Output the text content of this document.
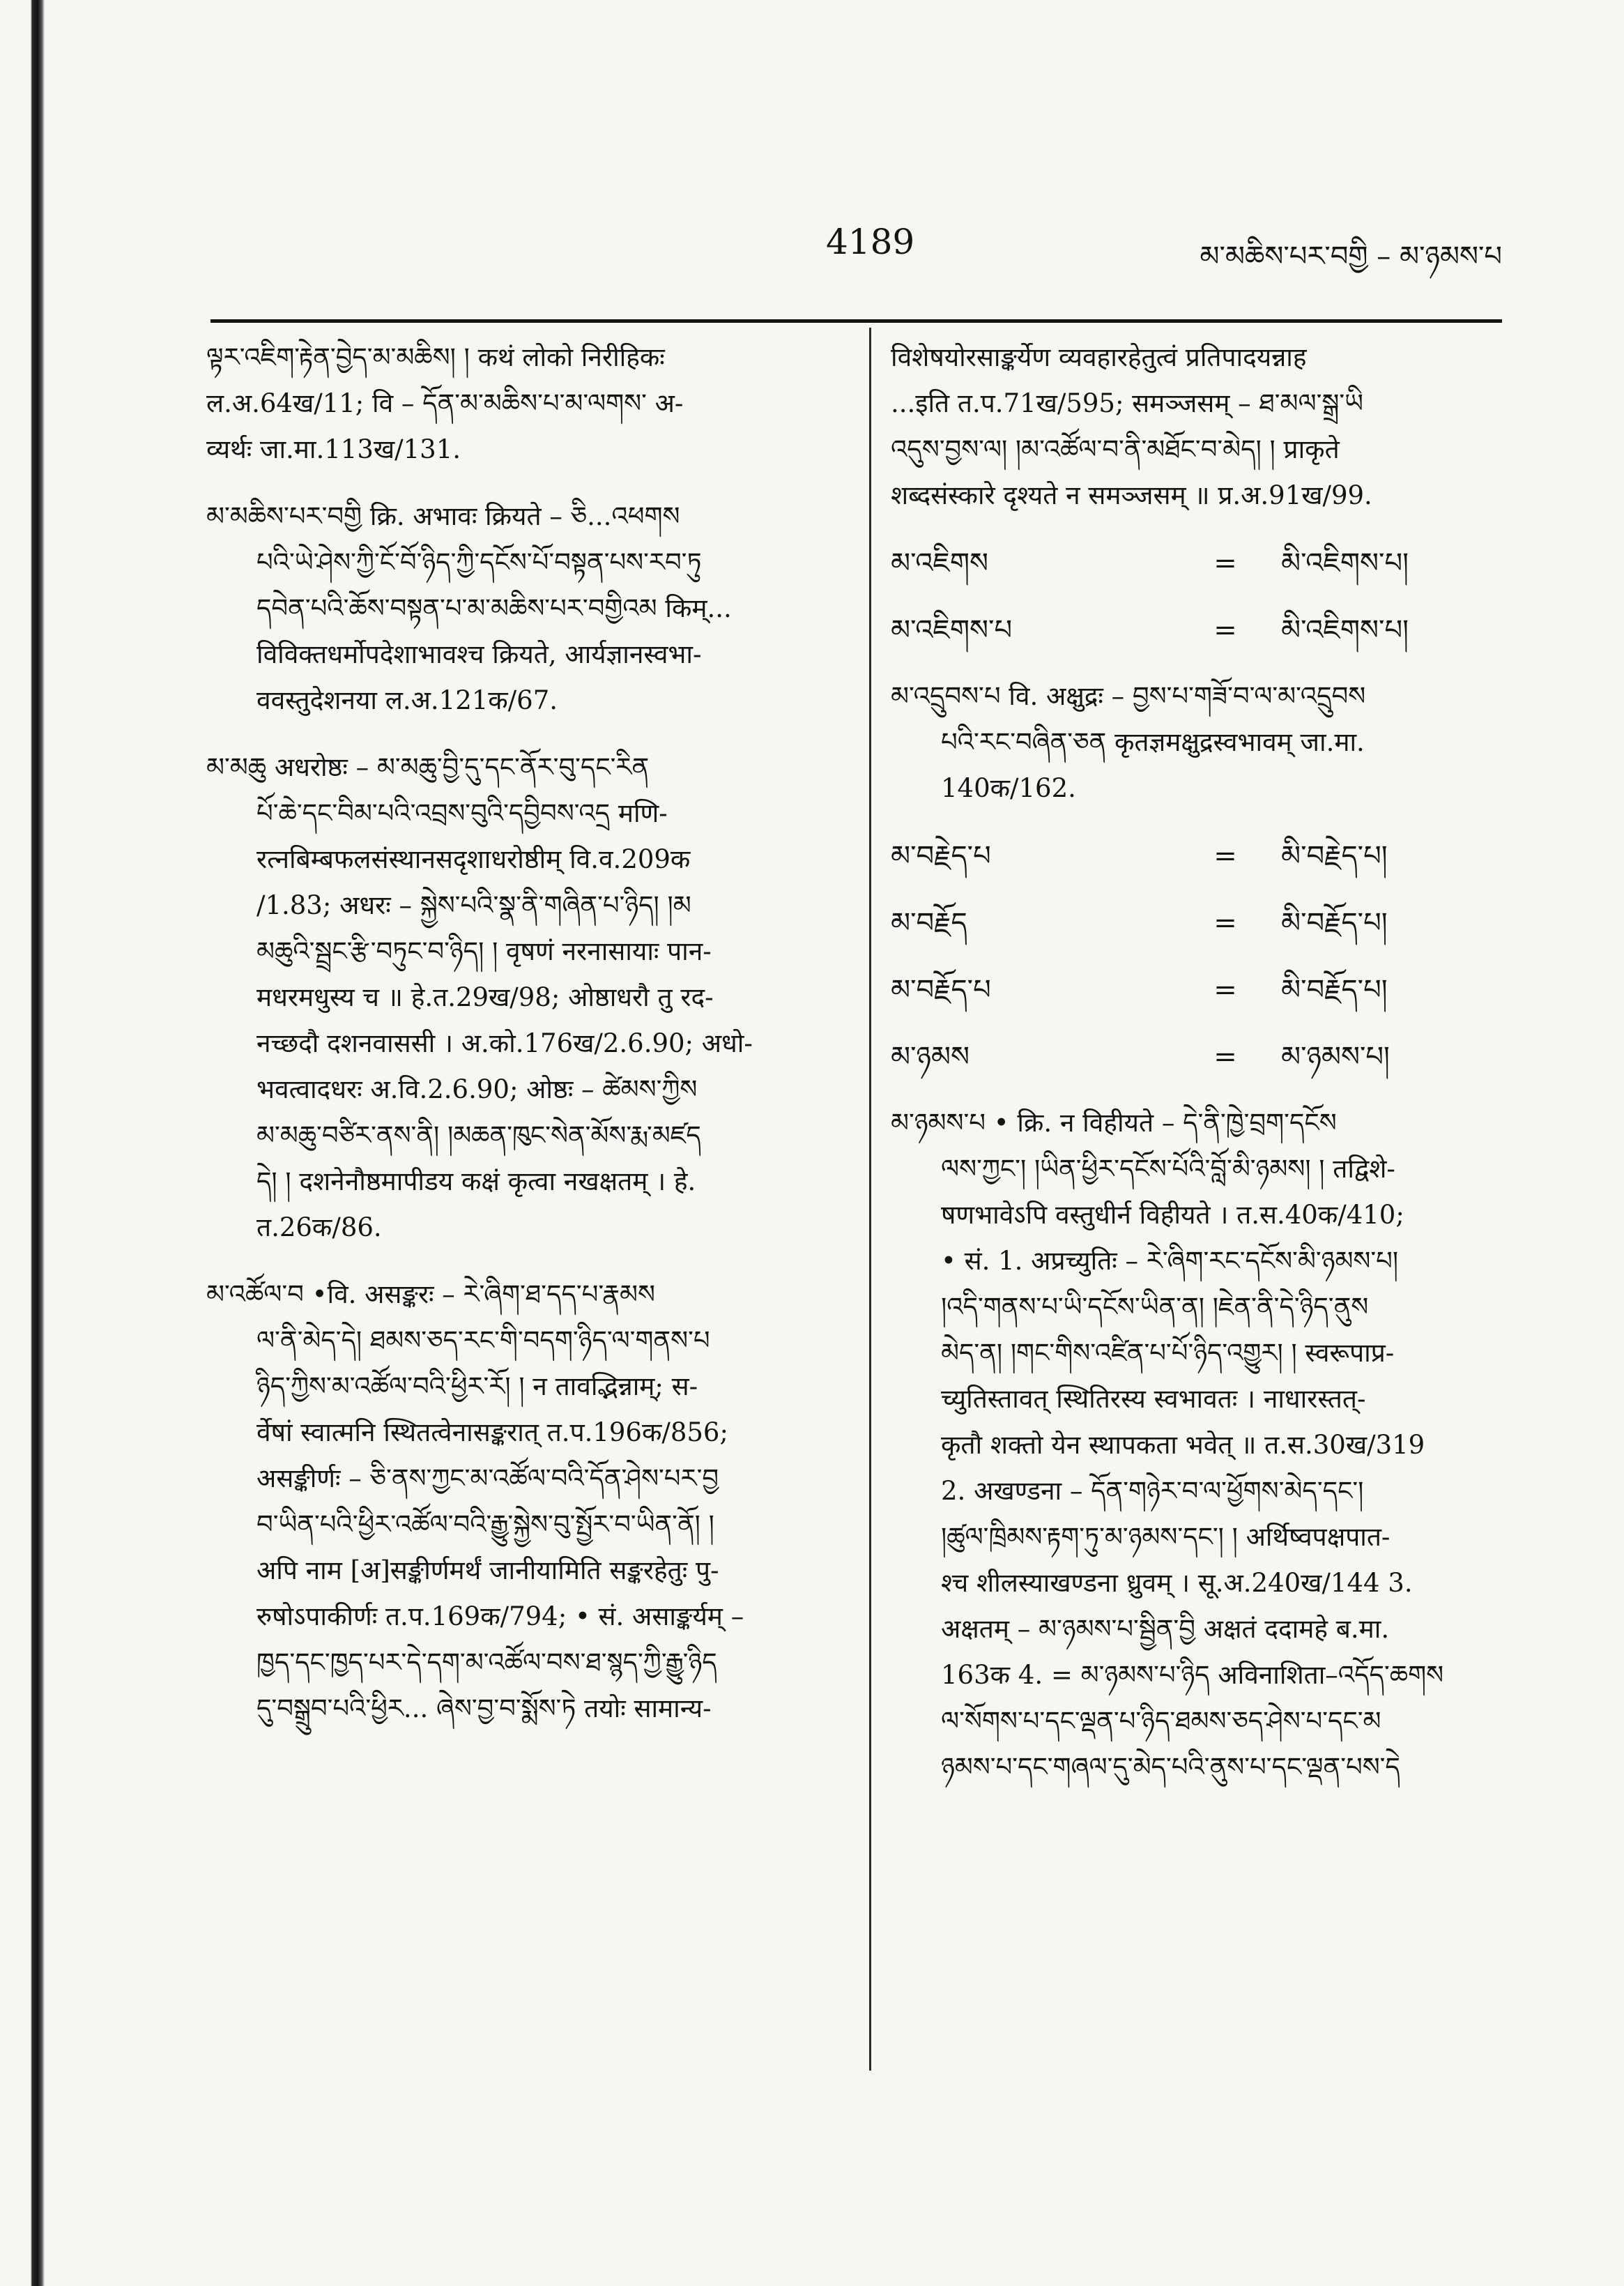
4189	མ་མཆིས་པར་བགྱི – མ་ཉམས་པ

ལྟར་འཇིག་རྟེན་བྱེད་མ་མཆིས། ། कथं लोको निरीहिकः

ल.अ.64ख/11; वि – དོན་མ་མཆིས་པ་མ་ལགས་ अ-

व्यर्थः जा.मा.113ख/131.

མ་མཆིས་པར་བགྱི क्रि. अभावः क्रियते – ཅི...འཕགས

པའི་ཡེ་ཤེས་ཀྱི་ངོ་བོ་ཉིད་ཀྱི་དངོས་པོ་བསྟན་པས་རབ་ཏུ

དབེན་པའི་ཆོས་བསྟན་པ་མ་མཆིས་པར་བགྱིའམ किम्...

विविक्तधर्मोपदेशाभावश्च क्रियते, आर्यज्ञानस्वभा-

ववस्तुदेशनया ल.अ.121क/67.

མ་མཆུ अधरोष्ठः – མ་མཆུ་བྱི་དུ་དང་ནོར་བུ་དང་རིན

པོ་ཆེ་དང་བིམ་པའི་འབྲས་བུའི་དབྱིབས་འདྲ मणि-

रत्नबिम्बफलसंस्थानसदृशाधरोष्ठीम् वि.व.209क

/1.83; अधरः – སྐྱེས་པའི་སྣ་ནི་གཞིན་པ་ཉིད། །མ

མཆུའི་སྦྲང་རྩི་བཏུང་བ་ཉིད། ། वृषणं नरनासायाः पान-

मधरमधुस्य च ॥ हे.त.29ख/98; ओष्ठाधरौ तु रद-

नच्छदौ दशनवाससी । अ.को.176ख/2.6.90; अधो-

भवत्वादधरः अ.वि.2.6.90; ओष्ठः – ཚེམས་ཀྱིས

མ་མཆུ་བཙིར་ནས་ནི། །མཆན་ཁུང་སེན་མོས་རྨ་མཛད

དེ། ། दशनेनौष्ठमापीडय कक्षं कृत्वा नखक्षतम् । हे.

त.26क/86.

མ་འཚོལ་བ •वि. असङ्करः – རེ་ཞིག་ཐ་དད་པ་རྣམས

ལ་ནི་མེད་དེ། ཐམས་ཅད་རང་གི་བདག་ཉིད་ལ་གནས་པ

ཉིད་ཀྱིས་མ་འཚོལ་བའི་ཕྱིར་རོ། ། न तावद्भिन्नाम्; स-

र्वेषां स्वात्मनि स्थितत्वेनासङ्करात् त.प.196क/856;

असङ्कीर्णः – ཅི་ནས་ཀྱང་མ་འཚོལ་བའི་དོན་ཤེས་པར་བྱ

བ་ཡིན་པའི་ཕྱིར་འཚོལ་བའི་རྒྱུ་སྐྱེས་བུ་སྤྱོར་བ་ཡིན་ནོ། །

अपि नाम [अ]सङ्कीर्णमर्थं जानीयामिति सङ्करहेतुः पु-

रुषोऽपाकीर्णः त.प.169क/794; • सं. असाङ्कर्यम् –

ཁྱད་དང་ཁྱད་པར་དེ་དག་མ་འཚོལ་བས་ཐ་སྙད་ཀྱི་རྒྱུ་ཉིད

དུ་བསྒྲུབ་པའི་ཕྱིར... ཞེས་བྱ་བ་སྨོས་ཏེ तयोः सामान्य-

विशेषयोरसाङ्कर्येण व्यवहारहेतुत्वं प्रतिपादयन्नाह

...इति त.प.71ख/595; समञ्जसम् – ཐ་མལ་སྒྲ་ཡི

འདུས་བྱས་ལ། །མ་འཚོལ་བ་ནི་མཐོང་བ་མེད། ། प्राकृते

शब्दसंस्कारे दृश्यते न समञ्जसम् ॥ प्र.अ.91ख/99.

མ་འཇིགས	=	མི་འཇིགས་པ།
མ་འཇིགས་པ	=	མི་འཇིགས་པ།

མ་འདྲུབས་པ वि. अक्षुद्रः – བྱས་པ་གཟོ་བ་ལ་མ་འདྲུབས

པའི་རང་བཞིན་ཅན कृतज्ञमक्षुद्रस्वभावम् जा.मा.

140क/162.

མ་བརྗེད་པ	=	མི་བརྗེད་པ།
མ་བརྗོད	=	མི་བརྗོད་པ།
མ་བརྗོད་པ	=	མི་བརྗོད་པ།
མ་ཉམས	=	མ་ཉམས་པ།

མ་ཉམས་པ • क्रि. न विहीयते – དེ་ནི་ཁྱེ་བྲག་དངོས

ལས་ཀྱང་། །ཡིན་ཕྱིར་དངོས་པོའི་བློ་མི་ཉམས། ། तद्विशे-

षणभावेऽपि वस्तुधीर्न विहीयते । त.स.40क/410;

• सं. 1. अप्रच्युतिः – རེ་ཞིག་རང་དངོས་མི་ཉམས་པ།

།འདི་གནས་པ་ཡི་དངོས་ཡིན་ན། །ཇེན་ནི་དེ་ཉིད་ནུས

མེད་ན། །གང་གིས་འཛིན་པ་པོ་ཉིད་འགྱུར། ། स्वरूपाप्र-

च्युतिस्तावत् स्थितिरस्य स्वभावतः । नाधारस्तत्-

कृतौ शक्तो येन स्थापकता भवेत् ॥ त.स.30ख/319

2. अखण्डना – དོན་གཉེར་བ་ལ་ཕྱོགས་མེད་དང་།

།ཚུལ་ཁྲིམས་རྟག་ཏུ་མ་ཉམས་དང་། ། अर्थिष्वपक्षपात-

श्च शीलस्याखण्डना ध्रुवम् । सू.अ.240ख/144 3.

अक्षतम् – མ་ཉམས་པ་སྦྱིན་བྱི अक्षतं ददामहे ब.मा.

163क 4. = མ་ཉམས་པ་ཉིད अविनाशिता–འདོད་ཆགས

ལ་སོགས་པ་དང་ལྡན་པ་ཉིད་ཐམས་ཅད་ཤེས་པ་དང་མ

ཉམས་པ་དང་གཞལ་དུ་མེད་པའི་ནུས་པ་དང་ལྡན་པས་དེ
